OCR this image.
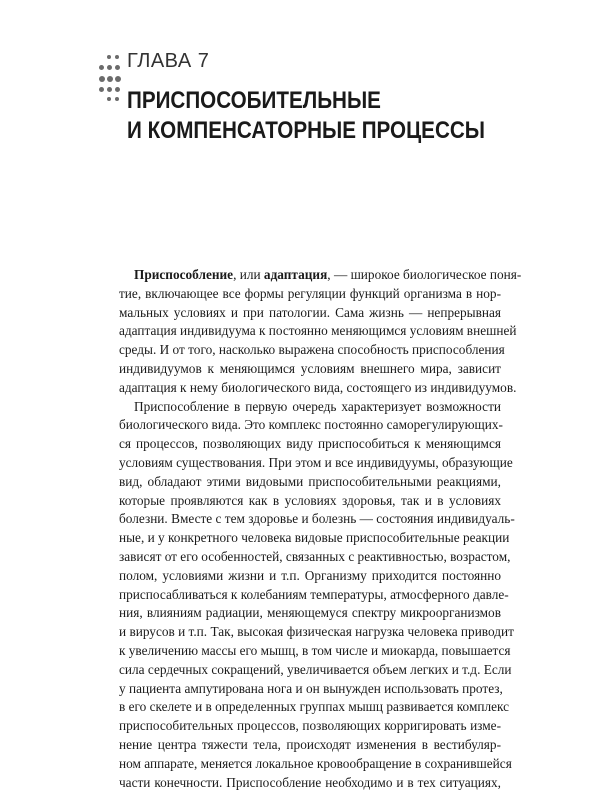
ГЛАВА 7
ПРИСПОСОБИТЕЛЬНЫЕ
И КОМПЕНСАТОРНЫЕ ПРОЦЕССЫ

Приспособление, или адаптация, — широкое биологическое поня-
тие, включающее все формы регуляции функций организма в нор-
мальных условиях и при патологии. Сама жизнь — непрерывная
адаптация индивидуума к постоянно меняющимся условиям внешней
среды. И от того, насколько выражена способность приспособления
индивидуумов к меняющимся условиям внешнего мира, зависит
адаптация к нему биологического вида, состоящего из индивидуумов.

Приспособление в первую очередь характеризует возможности
биологического вида. Это комплекс постоянно саморегулирующих-
ся процессов, позволяющих виду приспособиться к меняющимся
условиям существования. При этом и все индивидуумы, образующие
вид, обладают этими видовыми приспособительными реакциями,
которые проявляются как в условиях здоровья, так и в условиях
болезни. Вместе с тем здоровье и болезнь — состояния индивидуаль-
ные, и у конкретного человека видовые приспособительные реакции
зависят от его особенностей, связанных с реактивностью, возрастом,
полом, условиями жизни и т.п. Организму приходится постоянно
приспосабливаться к колебаниям температуры, атмосферного давле-
ния, влияниям радиации, меняющемуся спектру микроорганизмов
и вирусов и т.п. Так, высокая физическая нагрузка человека приводит
к увеличению массы его мышц, в том числе и миокарда, повышается
сила сердечных сокращений, увеличивается объем легких и т.д. Если
у пациента ампутирована нога и он вынужден использовать протез,
в его скелете и в определенных группах мышц развивается комплекс
приспособительных процессов, позволяющих корригировать изме-
нение центра тяжести тела, происходят изменения в вестибуляр-
ном аппарате, меняется локальное кровообращение в сохранившейся
части конечности. Приспособление необходимо и в тех ситуациях,
